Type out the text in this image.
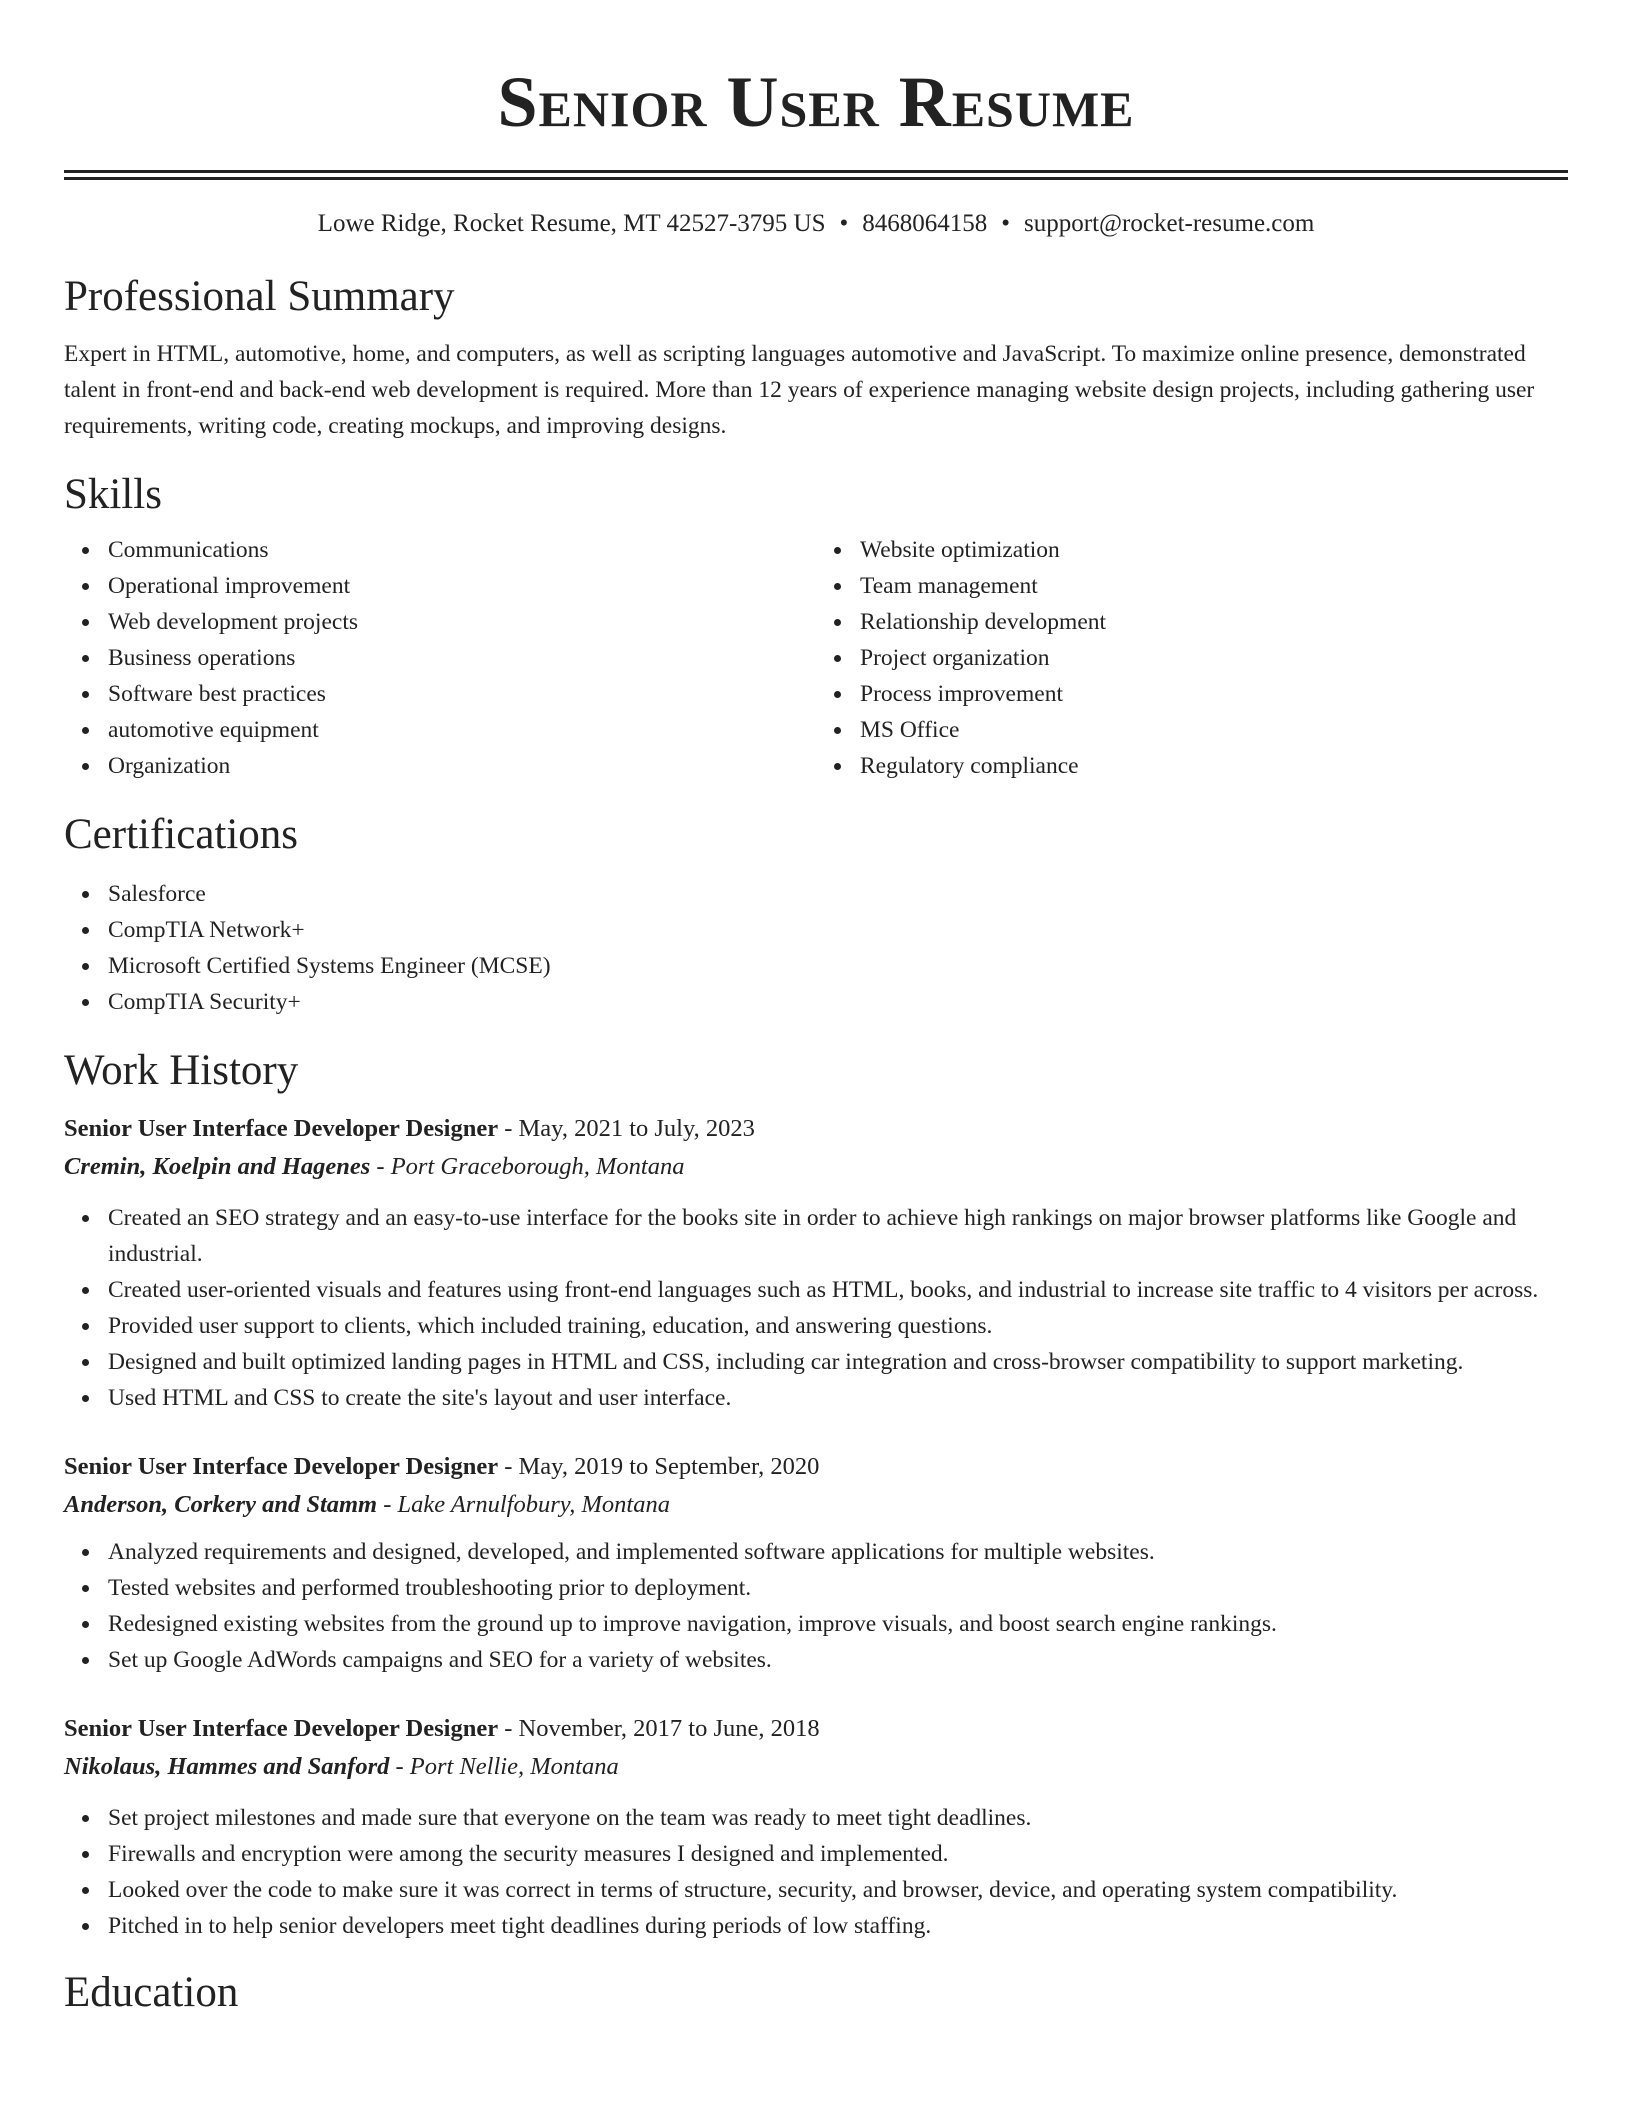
Senior User Resume
Lowe Ridge, Rocket Resume, MT 42527-3795 US • 8468064158 • support@rocket-resume.com
Professional Summary

Expert in HTML, automotive, home, and computers, as well as scripting languages automotive and JavaScript. To maximize online presence, demonstrated talent in front-end and back-end web development is required. More than 12 years of experience managing website design projects, including gathering user requirements, writing code, creating mockups, and improving designs.

Skills
Communications
Operational improvement
Web development projects
Business operations
Software best practices
automotive equipment
Organization
Website optimization
Team management
Relationship development
Project organization
Process improvement
MS Office
Regulatory compliance
Certifications
Salesforce
CompTIA Network+
Microsoft Certified Systems Engineer (MCSE)
CompTIA Security+
Work History
Senior User Interface Developer Designer - May, 2021 to July, 2023
Cremin, Koelpin and Hagenes - Port Graceborough, Montana
Created an SEO strategy and an easy-to-use interface for the books site in order to achieve high rankings on major browser platforms like Google and industrial.
Created user-oriented visuals and features using front-end languages such as HTML, books, and industrial to increase site traffic to 4 visitors per across.
Provided user support to clients, which included training, education, and answering questions.
Designed and built optimized landing pages in HTML and CSS, including car integration and cross-browser compatibility to support marketing.
Used HTML and CSS to create the site's layout and user interface.
Senior User Interface Developer Designer - May, 2019 to September, 2020
Anderson, Corkery and Stamm - Lake Arnulfobury, Montana
Analyzed requirements and designed, developed, and implemented software applications for multiple websites.
Tested websites and performed troubleshooting prior to deployment.
Redesigned existing websites from the ground up to improve navigation, improve visuals, and boost search engine rankings.
Set up Google AdWords campaigns and SEO for a variety of websites.
Senior User Interface Developer Designer - November, 2017 to June, 2018
Nikolaus, Hammes and Sanford - Port Nellie, Montana
Set project milestones and made sure that everyone on the team was ready to meet tight deadlines.
Firewalls and encryption were among the security measures I designed and implemented.
Looked over the code to make sure it was correct in terms of structure, security, and browser, device, and operating system compatibility.
Pitched in to help senior developers meet tight deadlines during periods of low staffing.
Education
